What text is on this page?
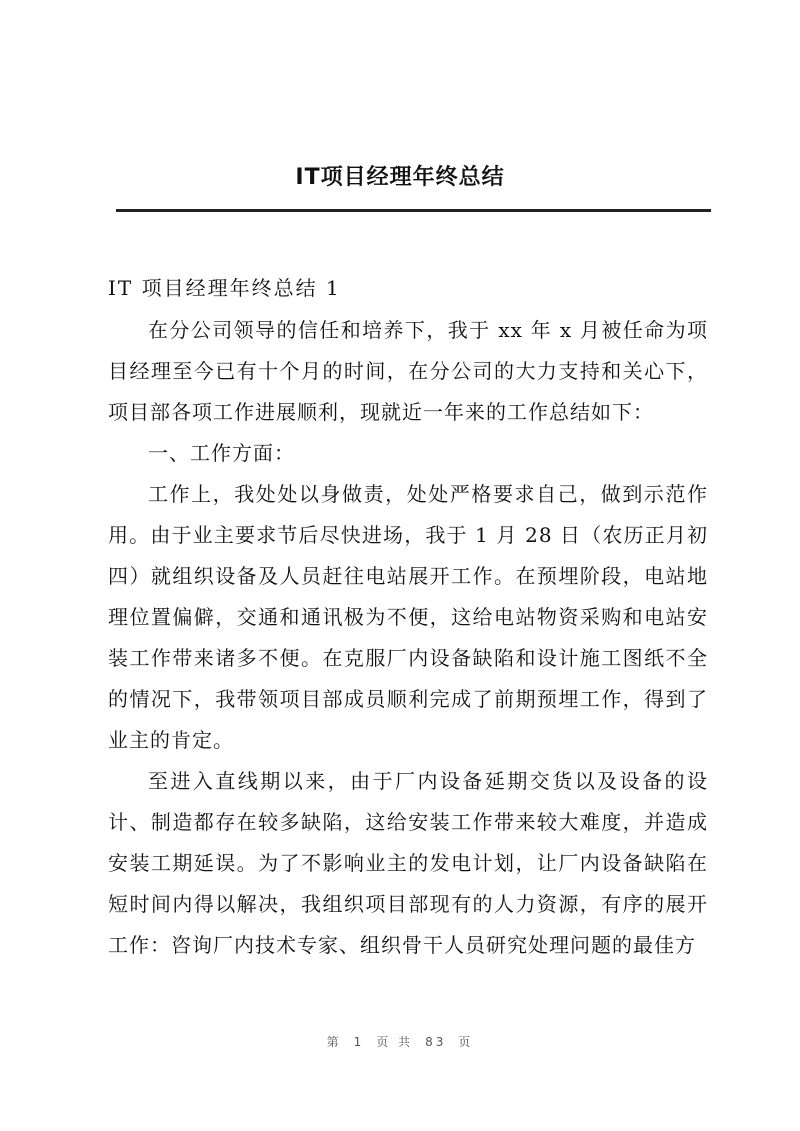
IT项目经理年终总结
IT 项目经理年终总结 1

在分公司领导的信任和培养下，我于 xx 年 x 月被任命为项目经理至今已有十个月的时间，在分公司的大力支持和关心下，项目部各项工作进展顺利，现就近一年来的工作总结如下：

一、工作方面：

工作上，我处处以身做责，处处严格要求自己，做到示范作用。由于业主要求节后尽快进场，我于 1 月 28 日（农历正月初四）就组织设备及人员赶往电站展开工作。在预埋阶段，电站地理位置偏僻，交通和通讯极为不便，这给电站物资采购和电站安装工作带来诸多不便。在克服厂内设备缺陷和设计施工图纸不全的情况下，我带领项目部成员顺利完成了前期预埋工作，得到了业主的肯定。

至进入直线期以来，由于厂内设备延期交货以及设备的设计、制造都存在较多缺陷，这给安装工作带来较大难度，并造成安装工期延误。为了不影响业主的发电计划，让厂内设备缺陷在短时间内得以解决，我组织项目部现有的人力资源，有序的展开工作：咨询厂内技术专家、组织骨干人员研究处理问题的最佳方

第 1 页 共 83 页
